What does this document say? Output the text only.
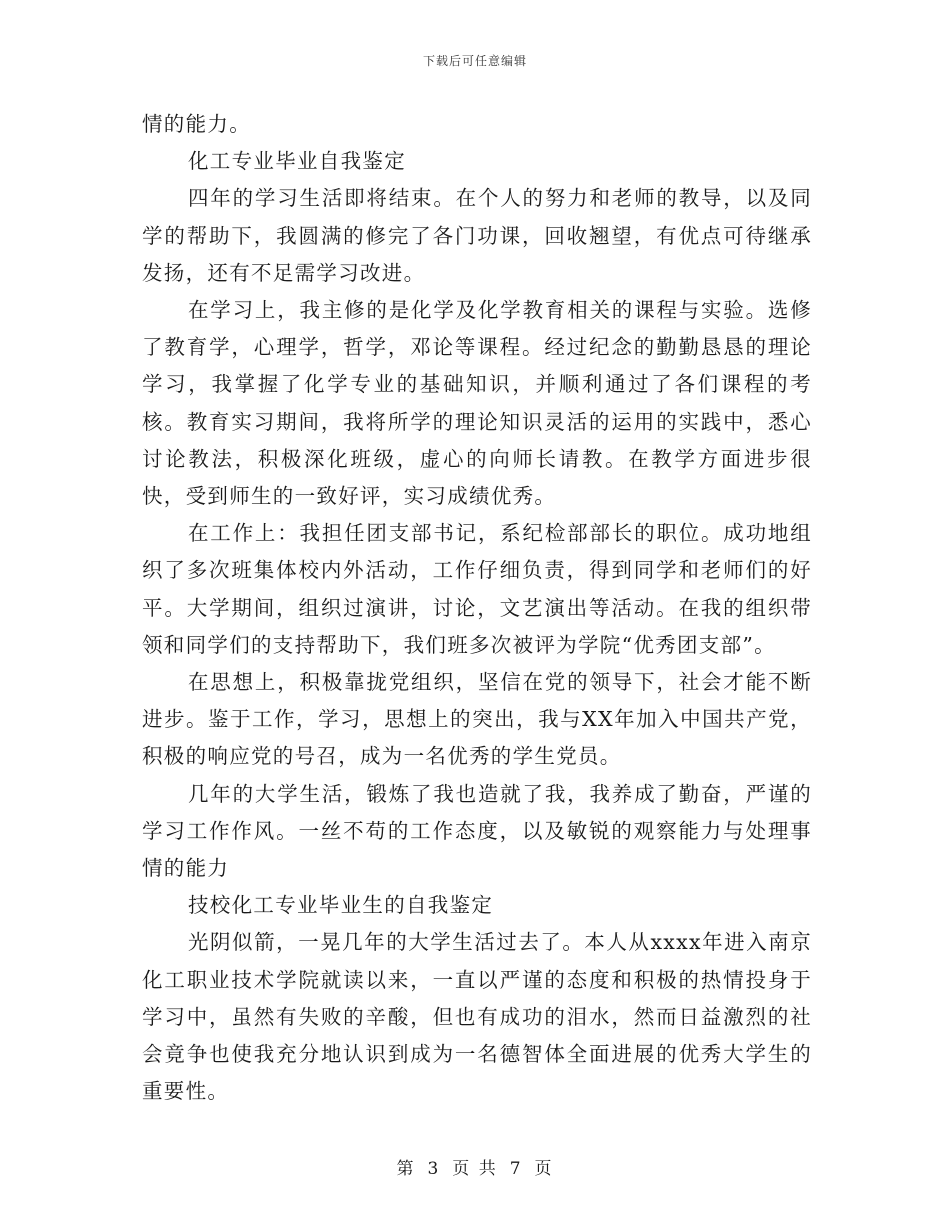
下载后可任意编辑

情的能力。

化工专业毕业自我鉴定

四年的学习生活即将结束。在个人的努力和老师的教导，以及同学的帮助下，我圆满的修完了各门功课，回收翘望，有优点可待继承发扬，还有不足需学习改进。

在学习上，我主修的是化学及化学教育相关的课程与实验。选修了教育学，心理学，哲学，邓论等课程。经过纪念的勤勤恳恳的理论学习，我掌握了化学专业的基础知识，并顺利通过了各们课程的考核。教育实习期间，我将所学的理论知识灵活的运用的实践中，悉心讨论教法，积极深化班级，虚心的向师长请教。在教学方面进步很快，受到师生的一致好评，实习成绩优秀。

在工作上：我担任团支部书记，系纪检部部长的职位。成功地组织了多次班集体校内外活动，工作仔细负责，得到同学和老师们的好平。大学期间，组织过演讲，讨论，文艺演出等活动。在我的组织带领和同学们的支持帮助下，我们班多次被评为学院“优秀团支部”。

在思想上，积极靠拢党组织，坚信在党的领导下，社会才能不断进步。鉴于工作，学习，思想上的突出，我与XX年加入中国共产党，积极的响应党的号召，成为一名优秀的学生党员。

几年的大学生活，锻炼了我也造就了我，我养成了勤奋，严谨的学习工作作风。一丝不苟的工作态度，以及敏锐的观察能力与处理事情的能力

技校化工专业毕业生的自我鉴定

光阴似箭，一晃几年的大学生活过去了。本人从xxxx年进入南京化工职业技术学院就读以来，一直以严谨的态度和积极的热情投身于学习中，虽然有失败的辛酸，但也有成功的泪水，然而日益激烈的社会竟争也使我充分地认识到成为一名德智体全面进展的优秀大学生的重要性。

第 3 页 共 7 页
